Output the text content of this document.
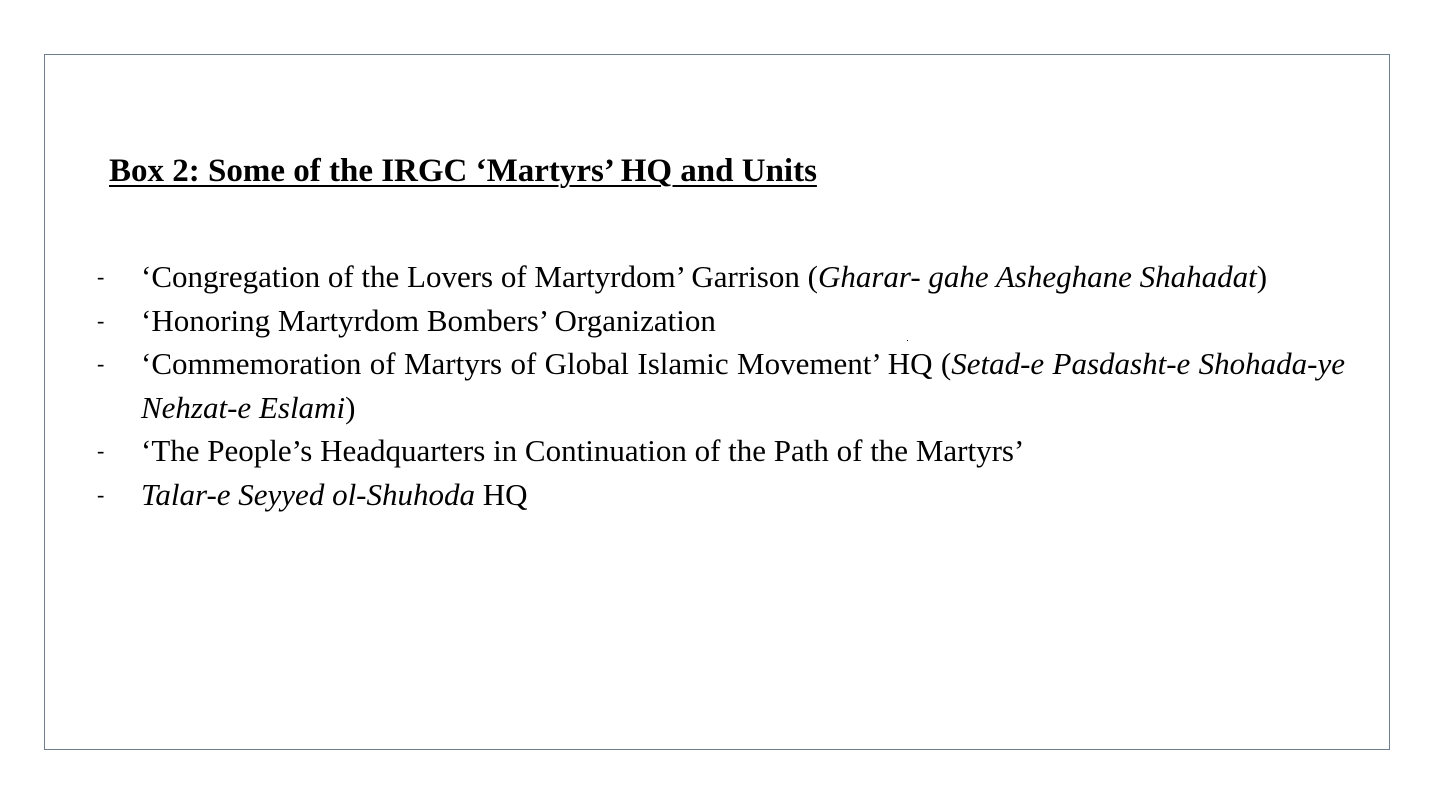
Box 2: Some of the IRGC ‘Martyrs’ HQ and Units
- ‘Congregation of the Lovers of Martyrdom’ Garrison (Gharar- gahe Asheghane Shahadat)
- ‘Honoring Martyrdom Bombers’ Organization
- ‘Commemoration of Martyrs of Global Islamic Movement’ HQ (Setad-e Pasdasht-e Shohada-ye Nehzat-e Eslami)
- ‘The People’s Headquarters in Continuation of the Path of the Martyrs’
- Talar-e Seyyed ol-Shuhoda HQ
